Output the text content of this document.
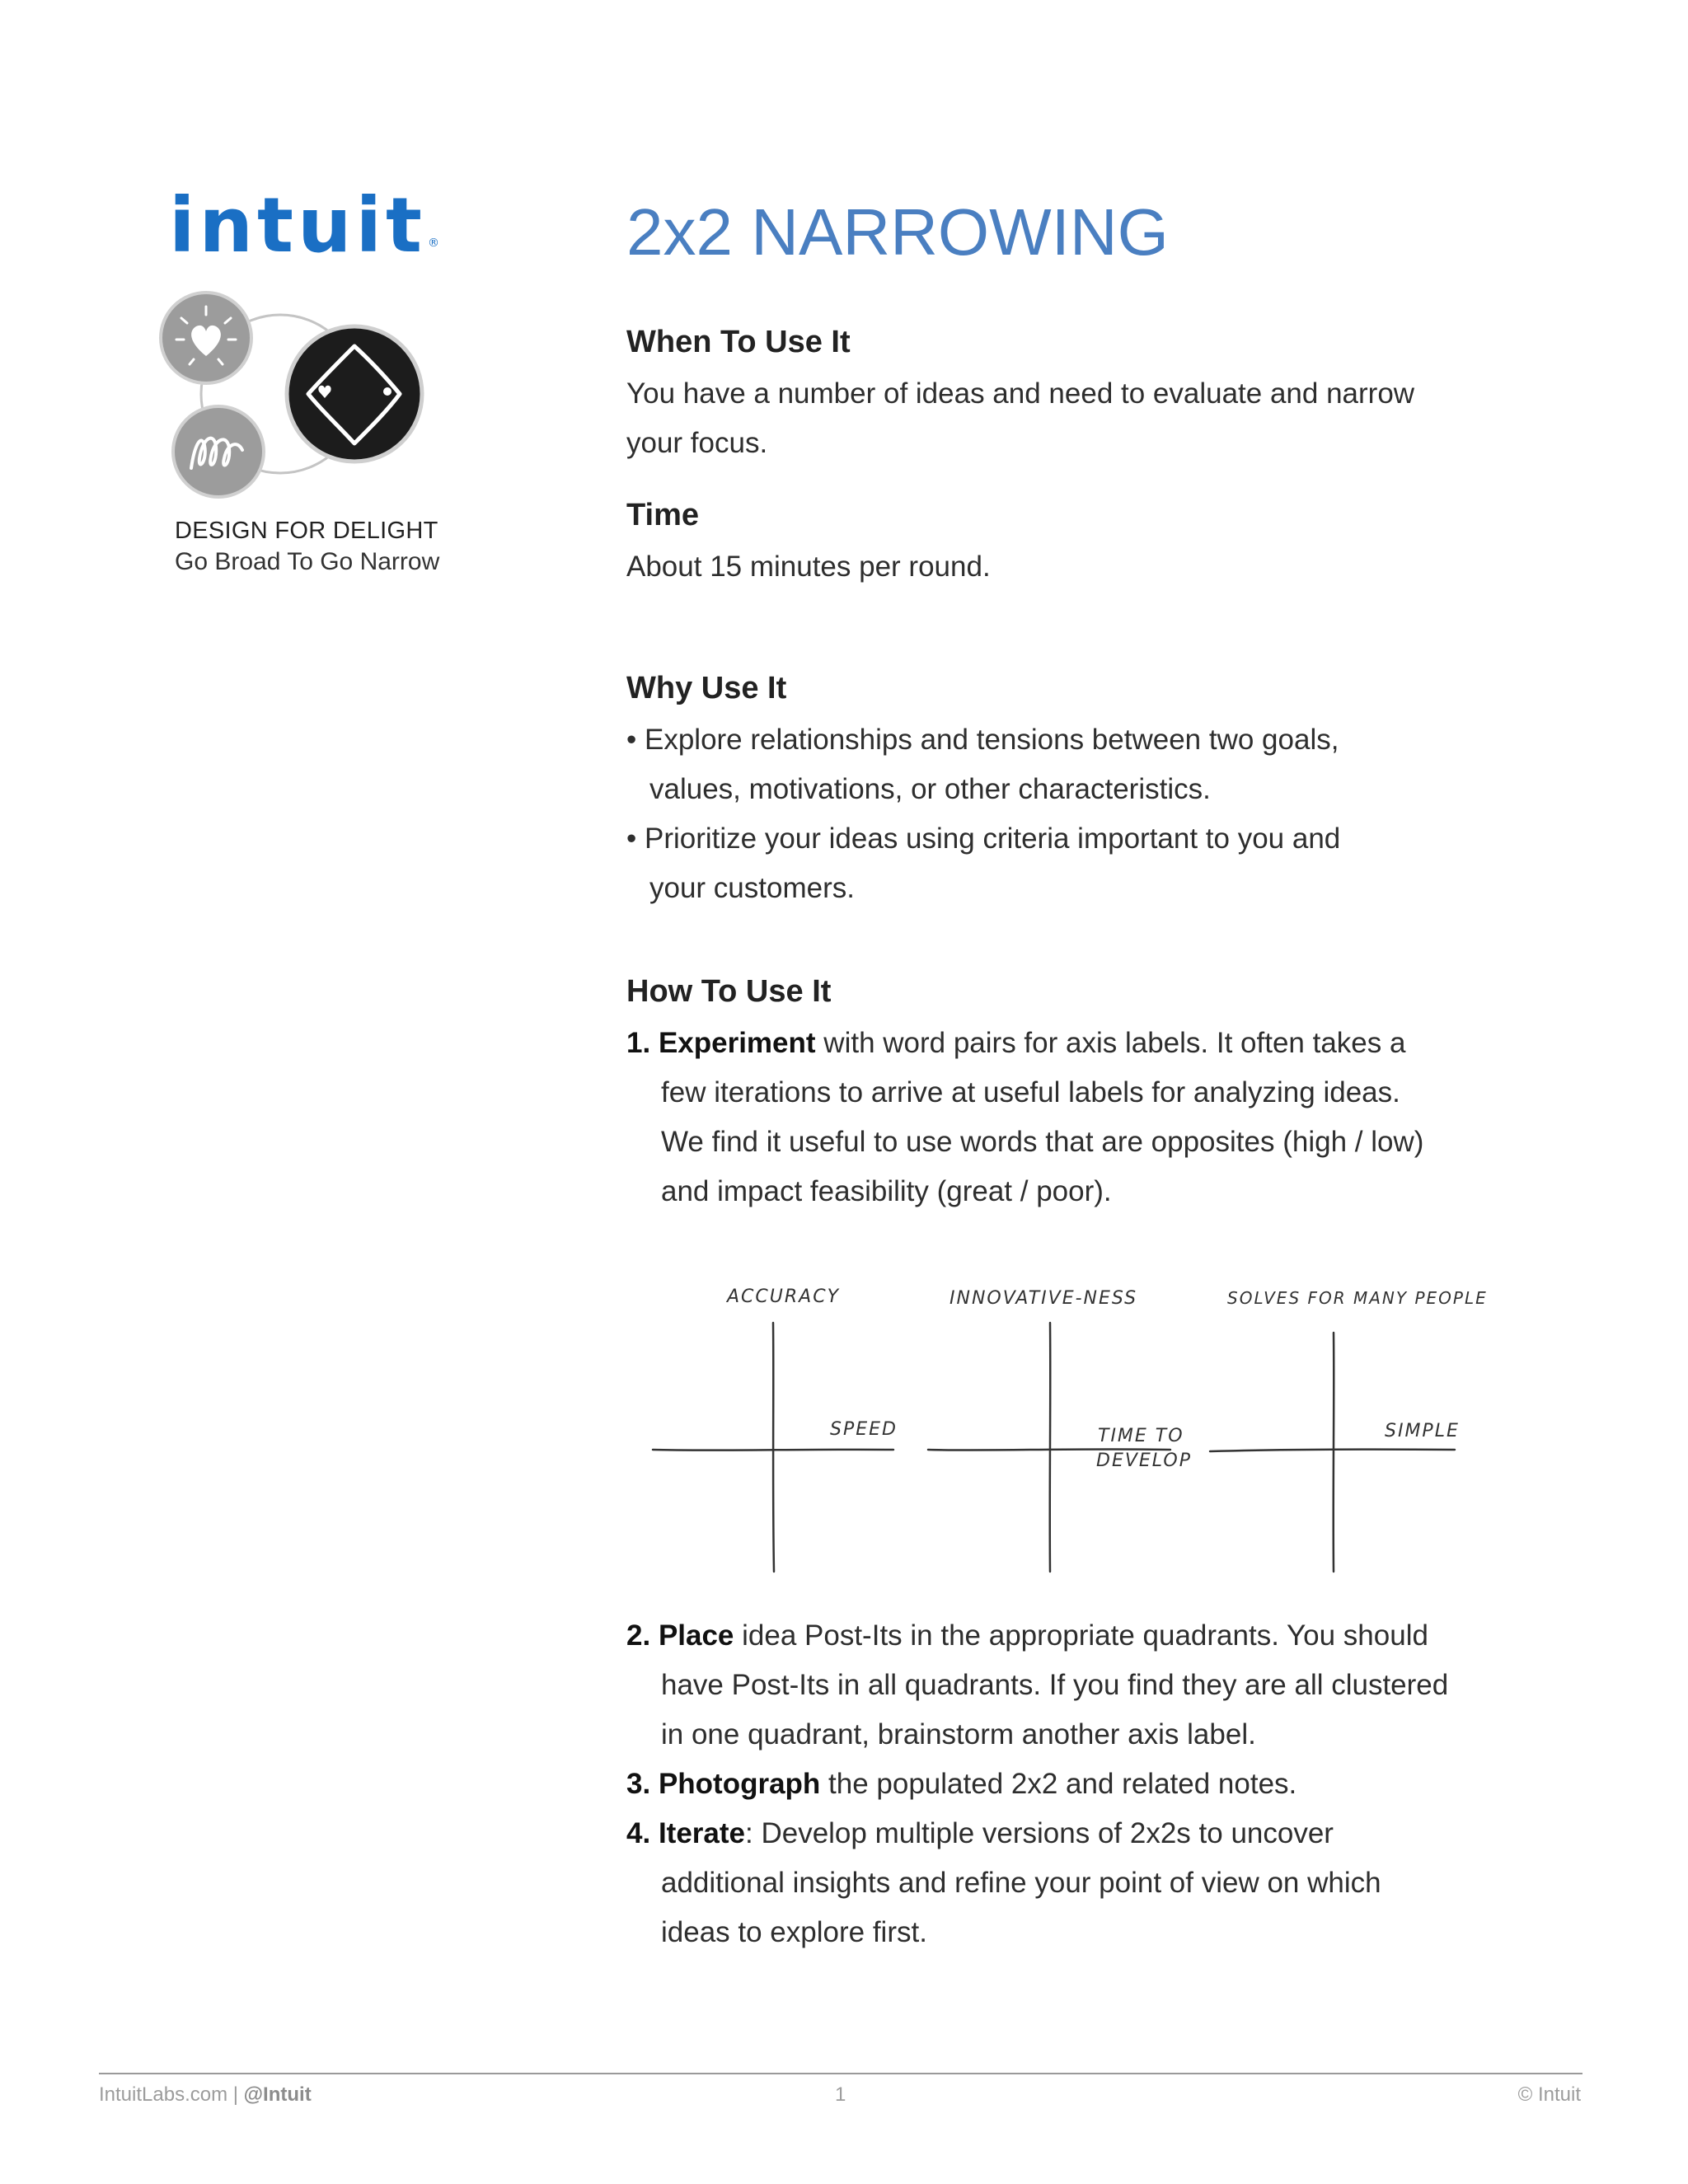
intuit ®
DESIGN FOR DELIGHT
Go Broad To Go Narrow
2x2 NARROWING
When To Use It
You have a number of ideas and need to evaluate and narrow
your focus.
Time
About 15 minutes per round.
Why Use It
• Explore relationships and tensions between two goals,
values, motivations, or other characteristics.
• Prioritize your ideas using criteria important to you and
your customers.
How To Use It
1. Experiment with word pairs for axis labels. It often takes a
few iterations to arrive at useful labels for analyzing ideas.
We find it useful to use words that are opposites (high / low)
and impact feasibility (great / poor).
ACCURACY
SPEED
INNOVATIVE-NESS
TIME TO
DEVELOP
SOLVES FOR MANY PEOPLE
SIMPLE
2. Place idea Post-Its in the appropriate quadrants. You should
have Post-Its in all quadrants. If you find they are all clustered
in one quadrant, brainstorm another axis label.
3. Photograph the populated 2x2 and related notes.
4. Iterate: Develop multiple versions of 2x2s to uncover
additional insights and refine your point of view on which
ideas to explore first.
IntuitLabs.com | @Intuit	1	© Intuit
